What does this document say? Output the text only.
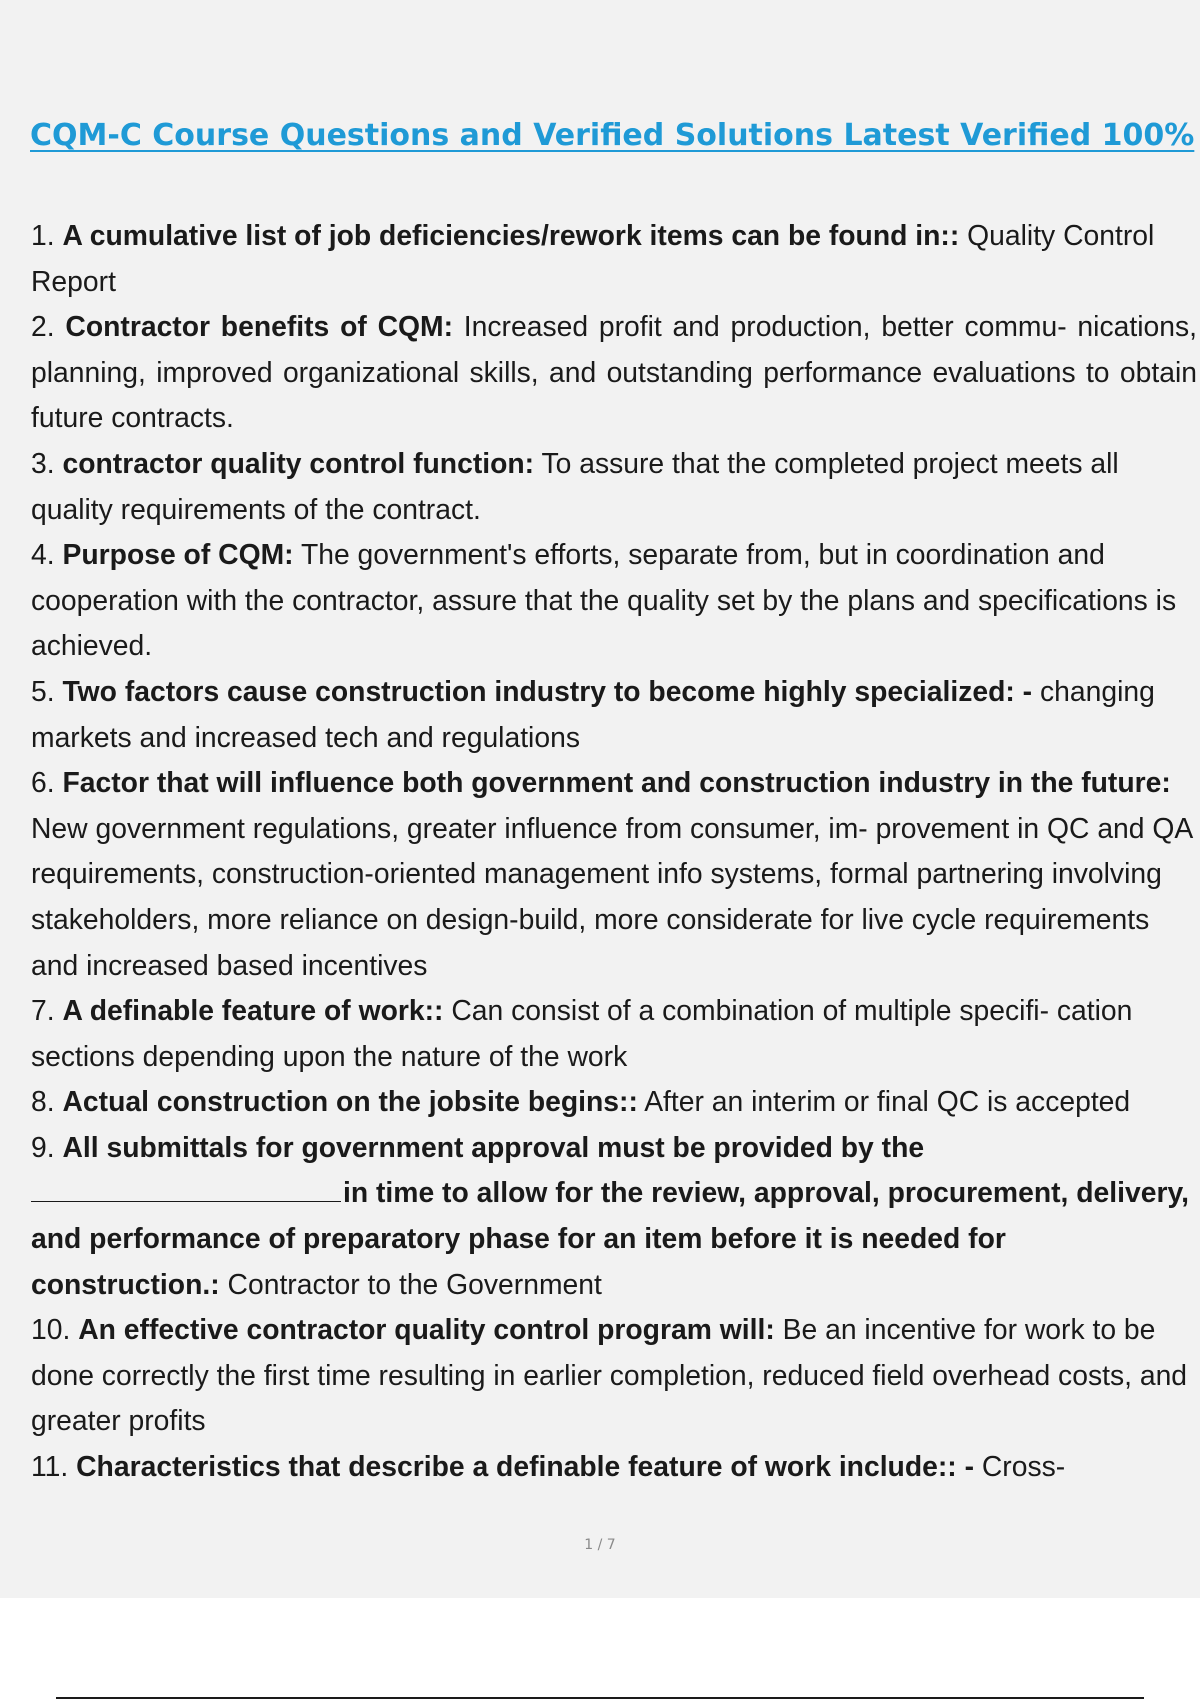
CQM-C Course Questions and Verified Solutions Latest Verified 100%

1. A cumulative list of job deficiencies/rework items can be found in:: Quality Control Report

2. Contractor benefits of CQM: Increased profit and production, better commu- nications, planning, improved organizational skills, and outstanding performance evaluations to obtain future contracts.

3. contractor quality control function: To assure that the completed project meets all quality requirements of the contract.

4. Purpose of CQM: The government's efforts, separate from, but in coordination and cooperation with the contractor, assure that the quality set by the plans and specifications is achieved.

5. Two factors cause construction industry to become highly specialized: - changing markets and increased tech and regulations

6. Factor that will influence both government and construction industry in the future: New government regulations, greater influence from consumer, im- provement in QC and QA requirements, construction-oriented management info systems, formal partnering involving stakeholders, more reliance on design-build, more considerate for live cycle requirements and increased based incentives

7. A definable feature of work:: Can consist of a combination of multiple specifi- cation sections depending upon the nature of the work

8. Actual construction on the jobsite begins:: After an interim or final QC is accepted

9. All submittals for government approval must be provided by the
in time to allow for the review, approval, procurement, delivery, and performance of preparatory phase for an item before it is needed for construction.: Contractor to the Government

10. An effective contractor quality control program will: Be an incentive for work to be done correctly the first time resulting in earlier completion, reduced field overhead costs, and greater profits

11. Characteristics that describe a definable feature of work include:: - Cross-

1 / 7
